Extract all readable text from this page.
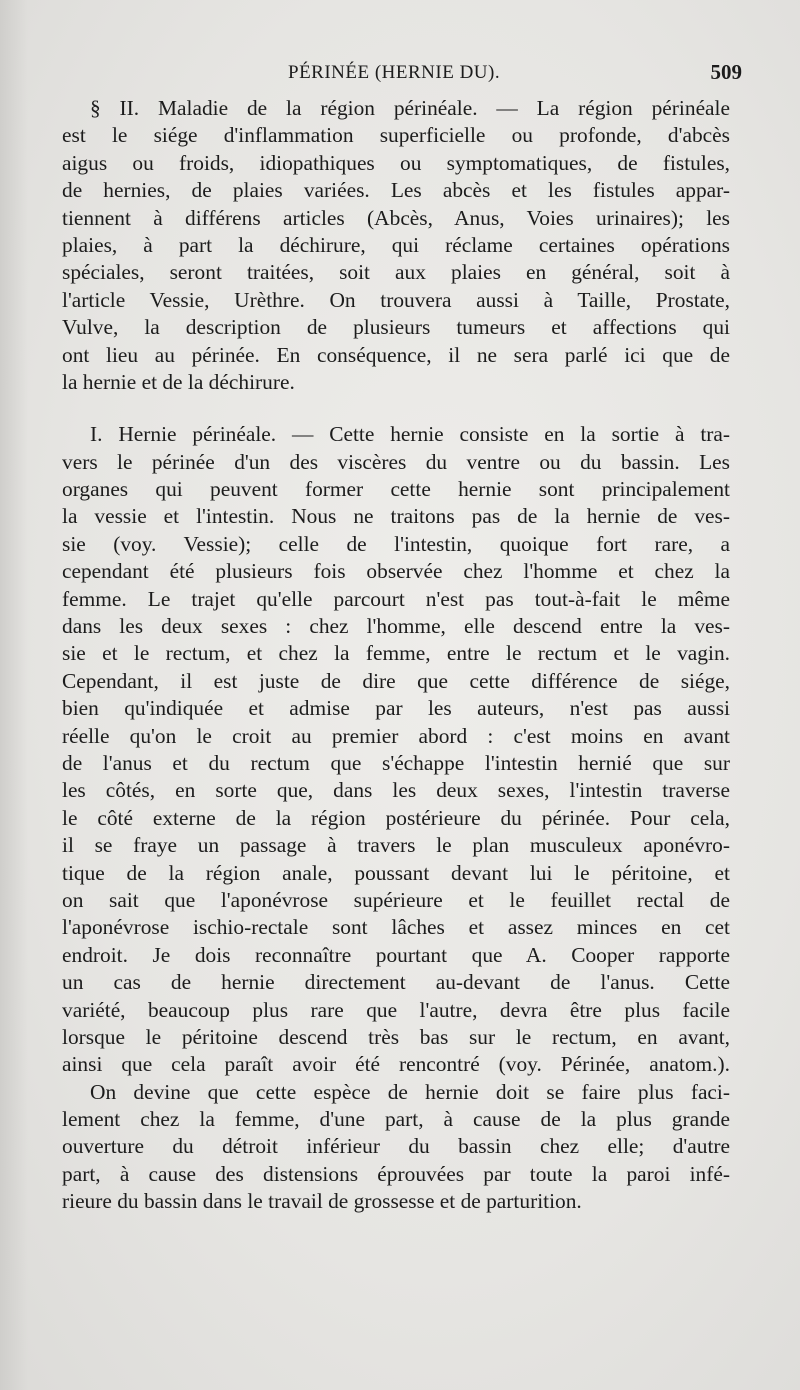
PÉRINÉE (HERNIE DU).	509
§ II. Maladie de la région périnéale. — La région périnéale
est le siége d'inflammation superficielle ou profonde, d'abcès
aigus ou froids, idiopathiques ou symptomatiques, de fistules,
de hernies, de plaies variées. Les abcès et les fistules appar-
tiennent à différens articles (Abcès, Anus, Voies urinaires); les
plaies, à part la déchirure, qui réclame certaines opérations
spéciales, seront traitées, soit aux plaies en général, soit à
l'article Vessie, Urèthre. On trouvera aussi à Taille, Prostate,
Vulve, la description de plusieurs tumeurs et affections qui
ont lieu au périnée. En conséquence, il ne sera parlé ici que de
la hernie et de la déchirure.
I. Hernie périnéale. — Cette hernie consiste en la sortie à tra-
vers le périnée d'un des viscères du ventre ou du bassin. Les
organes qui peuvent former cette hernie sont principalement
la vessie et l'intestin. Nous ne traitons pas de la hernie de ves-
sie (voy. Vessie); celle de l'intestin, quoique fort rare, a
cependant été plusieurs fois observée chez l'homme et chez la
femme. Le trajet qu'elle parcourt n'est pas tout-à-fait le même
dans les deux sexes : chez l'homme, elle descend entre la ves-
sie et le rectum, et chez la femme, entre le rectum et le vagin.
Cependant, il est juste de dire que cette différence de siége,
bien qu'indiquée et admise par les auteurs, n'est pas aussi
réelle qu'on le croit au premier abord : c'est moins en avant
de l'anus et du rectum que s'échappe l'intestin hernié que sur
les côtés, en sorte que, dans les deux sexes, l'intestin traverse
le côté externe de la région postérieure du périnée. Pour cela,
il se fraye un passage à travers le plan musculeux aponévro-
tique de la région anale, poussant devant lui le péritoine, et
on sait que l'aponévrose supérieure et le feuillet rectal de
l'aponévrose ischio-rectale sont lâches et assez minces en cet
endroit. Je dois reconnaître pourtant que A. Cooper rapporte
un cas de hernie directement au-devant de l'anus. Cette
variété, beaucoup plus rare que l'autre, devra être plus facile
lorsque le péritoine descend très bas sur le rectum, en avant,
ainsi que cela paraît avoir été rencontré (voy. Périnée, anatom.).
On devine que cette espèce de hernie doit se faire plus faci-
lement chez la femme, d'une part, à cause de la plus grande
ouverture du détroit inférieur du bassin chez elle; d'autre
part, à cause des distensions éprouvées par toute la paroi infé-
rieure du bassin dans le travail de grossesse et de parturition.
